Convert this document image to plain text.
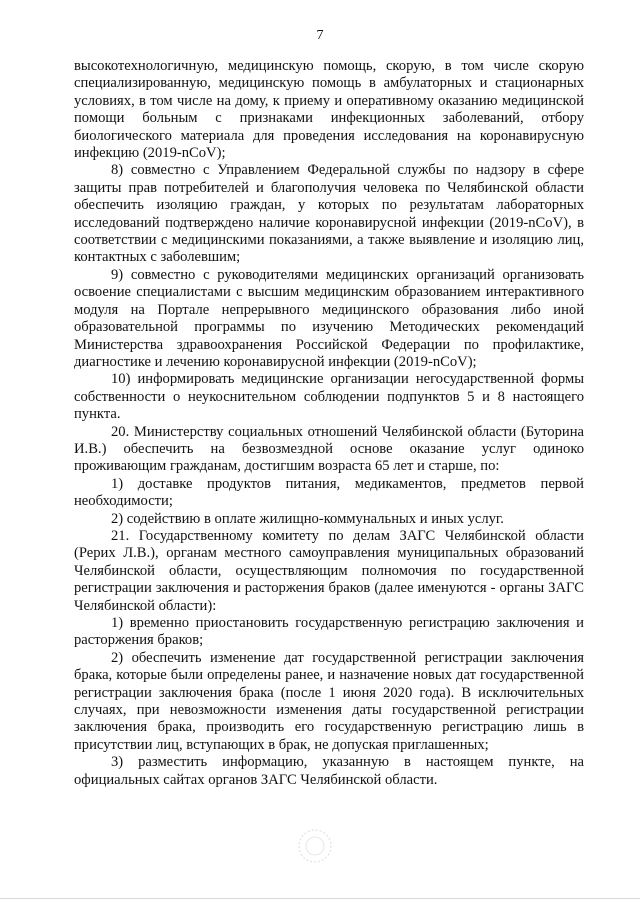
7

высокотехнологичную, медицинскую помощь, скорую, в том числе скорую специализированную, медицинскую помощь в амбулаторных и стационарных условиях, в том числе на дому, к приему и оперативному оказанию медицинской помощи больным с признаками инфекционных заболеваний, отбору биологического материала для проведения исследования на коронавирусную инфекцию (2019-nCoV);

8) совместно с Управлением Федеральной службы по надзору в сфере защиты прав потребителей и благополучия человека по Челябинской области обеспечить изоляцию граждан, у которых по результатам лабораторных исследований подтверждено наличие коронавирусной инфекции (2019-nCoV), в соответствии с медицинскими показаниями, а также выявление и изоляцию лиц, контактных с заболевшим;

9) совместно с руководителями медицинских организаций организовать освоение специалистами с высшим медицинским образованием интерактивного модуля на Портале непрерывного медицинского образования либо иной образовательной программы по изучению Методических рекомендаций Министерства здравоохранения Российской Федерации по профилактике, диагностике и лечению коронавирусной инфекции (2019-nCoV);

10) информировать медицинские организации негосударственной формы собственности о неукоснительном соблюдении подпунктов 5 и 8 настоящего пункта.

20. Министерству социальных отношений Челябинской области (Буторина И.В.) обеспечить на безвозмездной основе оказание услуг одиноко проживающим гражданам, достигшим возраста 65 лет и старше, по:

1) доставке продуктов питания, медикаментов, предметов первой необходимости;

2) содействию в оплате жилищно-коммунальных и иных услуг.

21. Государственному комитету по делам ЗАГС Челябинской области (Рерих Л.В.), органам местного самоуправления муниципальных образований Челябинской области, осуществляющим полномочия по государственной регистрации заключения и расторжения браков (далее именуются - органы ЗАГС Челябинской области):

1) временно приостановить государственную регистрацию заключения и расторжения браков;

2) обеспечить изменение дат государственной регистрации заключения брака, которые были определены ранее, и назначение новых дат государственной регистрации заключения брака (после 1 июня 2020 года). В исключительных случаях, при невозможности изменения даты государственной регистрации заключения брака, производить его государственную регистрацию лишь в присутствии лиц, вступающих в брак, не допуская приглашенных;

3) разместить информацию, указанную в настоящем пункте, на официальных сайтах органов ЗАГС Челябинской области.
